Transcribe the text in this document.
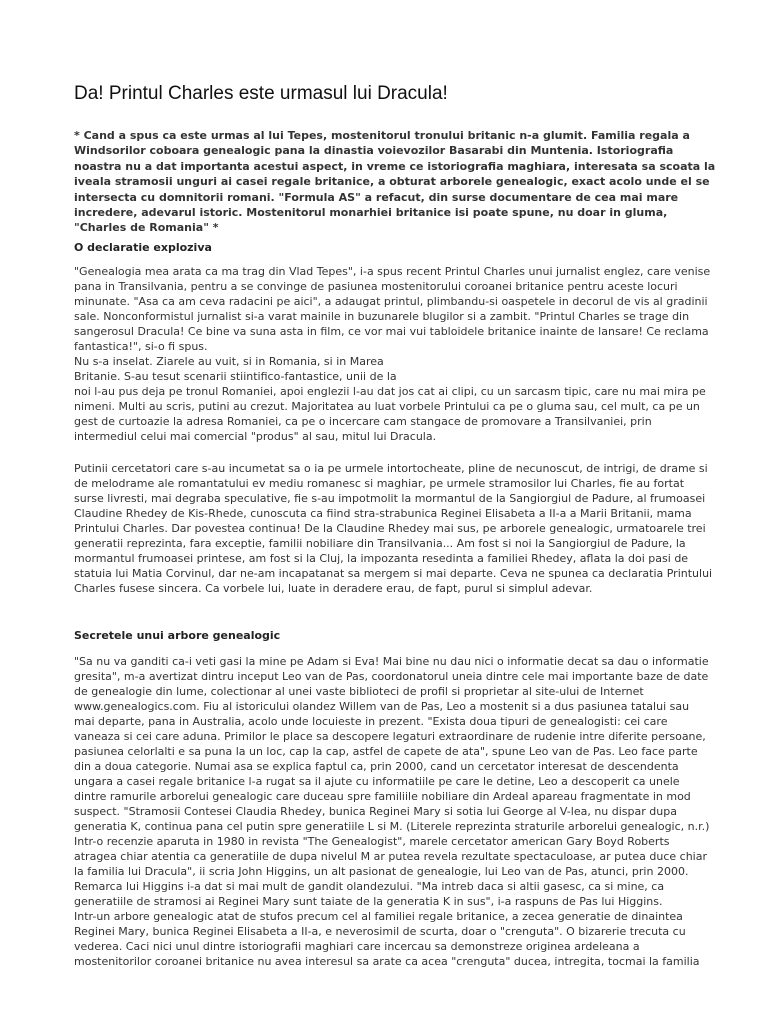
Da! Printul Charles este urmasul lui Dracula!
* Cand a spus ca este urmas al lui Tepes, mostenitorul tronului britanic n-a glumit. Familia regala a
Windsorilor coboara genealogic pana la dinastia voievozilor Basarabi din Muntenia. Istoriografia
noastra nu a dat importanta acestui aspect, in vreme ce istoriografia maghiara, interesata sa scoata la
iveala stramosii unguri ai casei regale britanice, a obturat arborele genealogic, exact acolo unde el se
intersecta cu domnitorii romani. "Formula AS" a refacut, din surse documentare de cea mai mare
incredere, adevarul istoric. Mostenitorul monarhiei britanice isi poate spune, nu doar in gluma,
"Charles de Romania" *
O declaratie exploziva
"Genealogia mea arata ca ma trag din Vlad Tepes", i-a spus recent Printul Charles unui jurnalist englez, care venise
pana in Transilvania, pentru a se convinge de pasiunea mostenitorului coroanei britanice pentru aceste locuri
minunate. "Asa ca am ceva radacini pe aici", a adaugat printul, plimbandu-si oaspetele in decorul de vis al gradinii
sale. Nonconformistul jurnalist si-a varat mainile in buzunarele blugilor si a zambit. "Printul Charles se trage din
sangerosul Dracula! Ce bine va suna asta in film, ce vor mai vui tabloidele britanice inainte de lansare! Ce reclama
fantastica!", si-o fi spus.
Nu s-a inselat. Ziarele au vuit, si in Romania, si in Marea
Britanie. S-au tesut scenarii stiintifico-fantastice, unii de la
noi l-au pus deja pe tronul Romaniei, apoi englezii l-au dat jos cat ai clipi, cu un sarcasm tipic, care nu mai mira pe
nimeni. Multi au scris, putini au crezut. Majoritatea au luat vorbele Printului ca pe o gluma sau, cel mult, ca pe un
gest de curtoazie la adresa Romaniei, ca pe o incercare cam stangace de promovare a Transilvaniei, prin
intermediul celui mai comercial "produs" al sau, mitul lui Dracula.
Putinii cercetatori care s-au incumetat sa o ia pe urmele intortocheate, pline de necunoscut, de intrigi, de drame si
de melodrame ale romantatului ev mediu romanesc si maghiar, pe urmele stramosilor lui Charles, fie au fortat
surse livresti, mai degraba speculative, fie s-au impotmolit la mormantul de la Sangiorgiul de Padure, al frumoasei
Claudine Rhedey de Kis-Rhede, cunoscuta ca fiind stra-strabunica Reginei Elisabeta a II-a a Marii Britanii, mama
Printului Charles. Dar povestea continua! De la Claudine Rhedey mai sus, pe arborele genealogic, urmatoarele trei
generatii reprezinta, fara exceptie, familii nobiliare din Transilvania... Am fost si noi la Sangiorgiul de Padure, la
mormantul frumoasei printese, am fost si la Cluj, la impozanta resedinta a familiei Rhedey, aflata la doi pasi de
statuia lui Matia Corvinul, dar ne-am incapatanat sa mergem si mai departe. Ceva ne spunea ca declaratia Printului
Charles fusese sincera. Ca vorbele lui, luate in deradere erau, de fapt, purul si simplul adevar.
Secretele unui arbore genealogic
"Sa nu va ganditi ca-i veti gasi la mine pe Adam si Eva! Mai bine nu dau nici o informatie decat sa dau o informatie
gresita", m-a avertizat dintru inceput Leo van de Pas, coordonatorul uneia dintre cele mai importante baze de date
de genealogie din lume, colectionar al unei vaste biblioteci de profil si proprietar al site-ului de Internet
www.genealogics.com. Fiu al istoricului olandez Willem van de Pas, Leo a mostenit si a dus pasiunea tatalui sau
mai departe, pana in Australia, acolo unde locuieste in prezent. "Exista doua tipuri de genealogisti: cei care
vaneaza si cei care aduna. Primilor le place sa descopere legaturi extraordinare de rudenie intre diferite persoane,
pasiunea celorlalti e sa puna la un loc, cap la cap, astfel de capete de ata", spune Leo van de Pas. Leo face parte
din a doua categorie. Numai asa se explica faptul ca, prin 2000, cand un cercetator interesat de descendenta
ungara a casei regale britanice l-a rugat sa il ajute cu informatiile pe care le detine, Leo a descoperit ca unele
dintre ramurile arborelui genealogic care duceau spre familiile nobiliare din Ardeal apareau fragmentate in mod
suspect. "Stramosii Contesei Claudia Rhedey, bunica Reginei Mary si sotia lui George al V-lea, nu dispar dupa
generatia K, continua pana cel putin spre generatiile L si M. (Literele reprezinta straturile arborelui genealogic, n.r.)
Intr-o recenzie aparuta in 1980 in revista "The Genealogist", marele cercetator american Gary Boyd Roberts
atragea chiar atentia ca generatiile de dupa nivelul M ar putea revela rezultate spectaculoase, ar putea duce chiar
la familia lui Dracula", ii scria John Higgins, un alt pasionat de genealogie, lui Leo van de Pas, atunci, prin 2000.
Remarca lui Higgins i-a dat si mai mult de gandit olandezului. "Ma intreb daca si altii gasesc, ca si mine, ca
generatiile de stramosi ai Reginei Mary sunt taiate de la generatia K in sus", i-a raspuns de Pas lui Higgins.
Intr-un arbore genealogic atat de stufos precum cel al familiei regale britanice, a zecea generatie de dinaintea
Reginei Mary, bunica Reginei Elisabeta a II-a, e neverosimil de scurta, doar o "crenguta". O bizarerie trecuta cu
vederea. Caci nici unul dintre istoriografii maghiari care incercau sa demonstreze originea ardeleana a
mostenitorilor coroanei britanice nu avea interesul sa arate ca acea "crenguta" ducea, intregita, tocmai la familia
